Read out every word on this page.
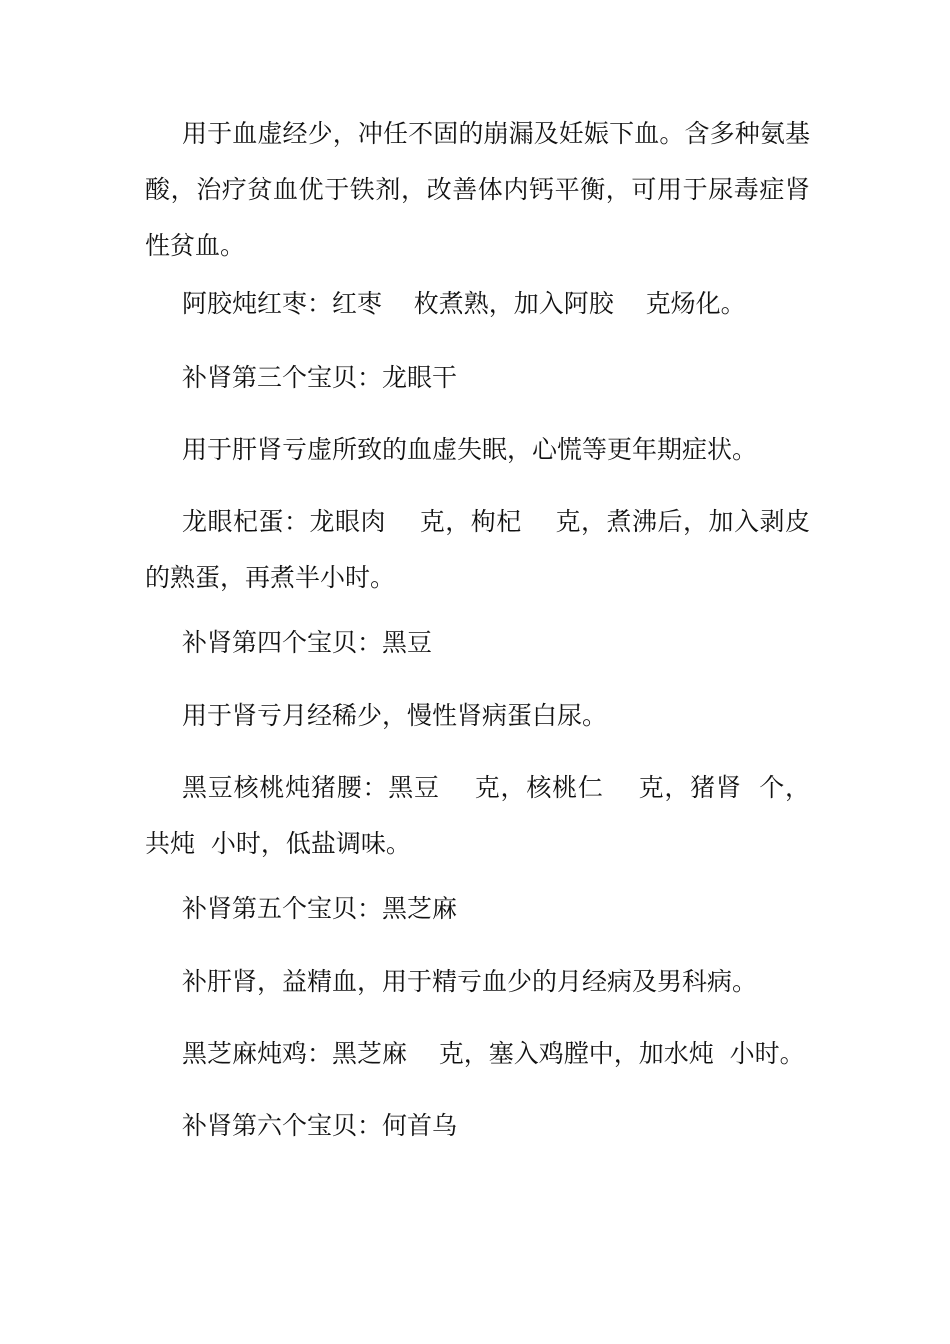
用于血虚经少，冲任不固的崩漏及妊娠下血。含多种氨基酸，治疗贫血优于铁剂，改善体内钙平衡，可用于尿毒症肾性贫血。

阿胶炖红枣：红枣    枚煮熟，加入阿胶    克炀化。

补肾第三个宝贝：龙眼干

用于肝肾亏虚所致的血虚失眠，心慌等更年期症状。

龙眼杞蛋：龙眼肉    克，枸杞    克，煮沸后，加入剥皮的熟蛋，再煮半小时。

补肾第四个宝贝：黑豆

用于肾亏月经稀少，慢性肾病蛋白尿。

黑豆核桃炖猪腰：黑豆    克，核桃仁    克，猪肾  个，共炖  小时，低盐调味。

补肾第五个宝贝：黑芝麻

补肝肾，益精血，用于精亏血少的月经病及男科病。

黑芝麻炖鸡：黑芝麻    克，塞入鸡膛中，加水炖  小时。

补肾第六个宝贝：何首乌
